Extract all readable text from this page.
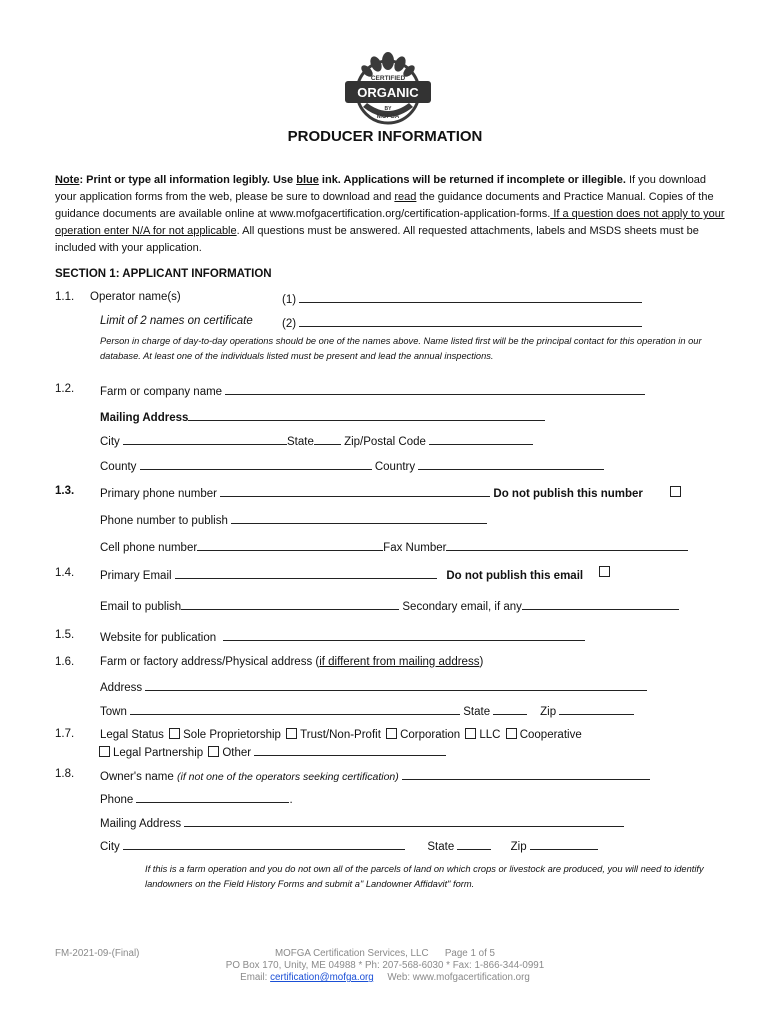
CERTIFIED
ORGANIC
BY
MOFGA
PRODUCER INFORMATION
Note: Print or type all information legibly. Use blue ink. Applications will be returned if incomplete or illegible. If you download your application forms from the web, please be sure to download and read the guidance documents and Practice Manual. Copies of the guidance documents are available online at www.mofgacertification.org/certification-application-forms. If a question does not apply to your operation enter N/A for not applicable. All questions must be answered. All requested attachments, labels and MSDS sheets must be included with your application.
SECTION 1: APPLICANT INFORMATION
1.1. Operator name(s)	(1)
Limit of 2 names on certificate	(2)
Person in charge of day-to-day operations should be one of the names above. Name listed first will be the principal contact for this operation in our database. At least one of the individuals listed must be present and lead the annual inspections.
1.2. Farm or company name
Mailing Address
City	State	Zip/Postal Code
County	Country
1.3. Primary phone number	Do not publish this number
Phone number to publish
Cell phone number	Fax Number
1.4. Primary Email	Do not publish this email
Email to publish	Secondary email, if any
1.5. Website for publication
1.6. Farm or factory address/Physical address (if different from mailing address)
Address
Town	State	Zip
1.7. Legal Status Sole Proprietorship Trust/Non-Profit Corporation LLC Cooperative
Legal Partnership Other
1.8. Owner's name (if not one of the operators seeking certification)
Phone	.
Mailing Address
City	State	Zip
If this is a farm operation and you do not own all of the parcels of land on which crops or livestock are produced, you will need to identify landowners on the Field History Forms and submit a" Landowner Affidavit" form.
FM-2021-09-(Final)	MOFGA Certification Services, LLC Page 1 of 5
PO Box 170, Unity, ME 04988 * Ph: 207-568-6030 * Fax: 1-866-344-0991
Email: certification@mofga.org Web: www.mofgacertification.org
